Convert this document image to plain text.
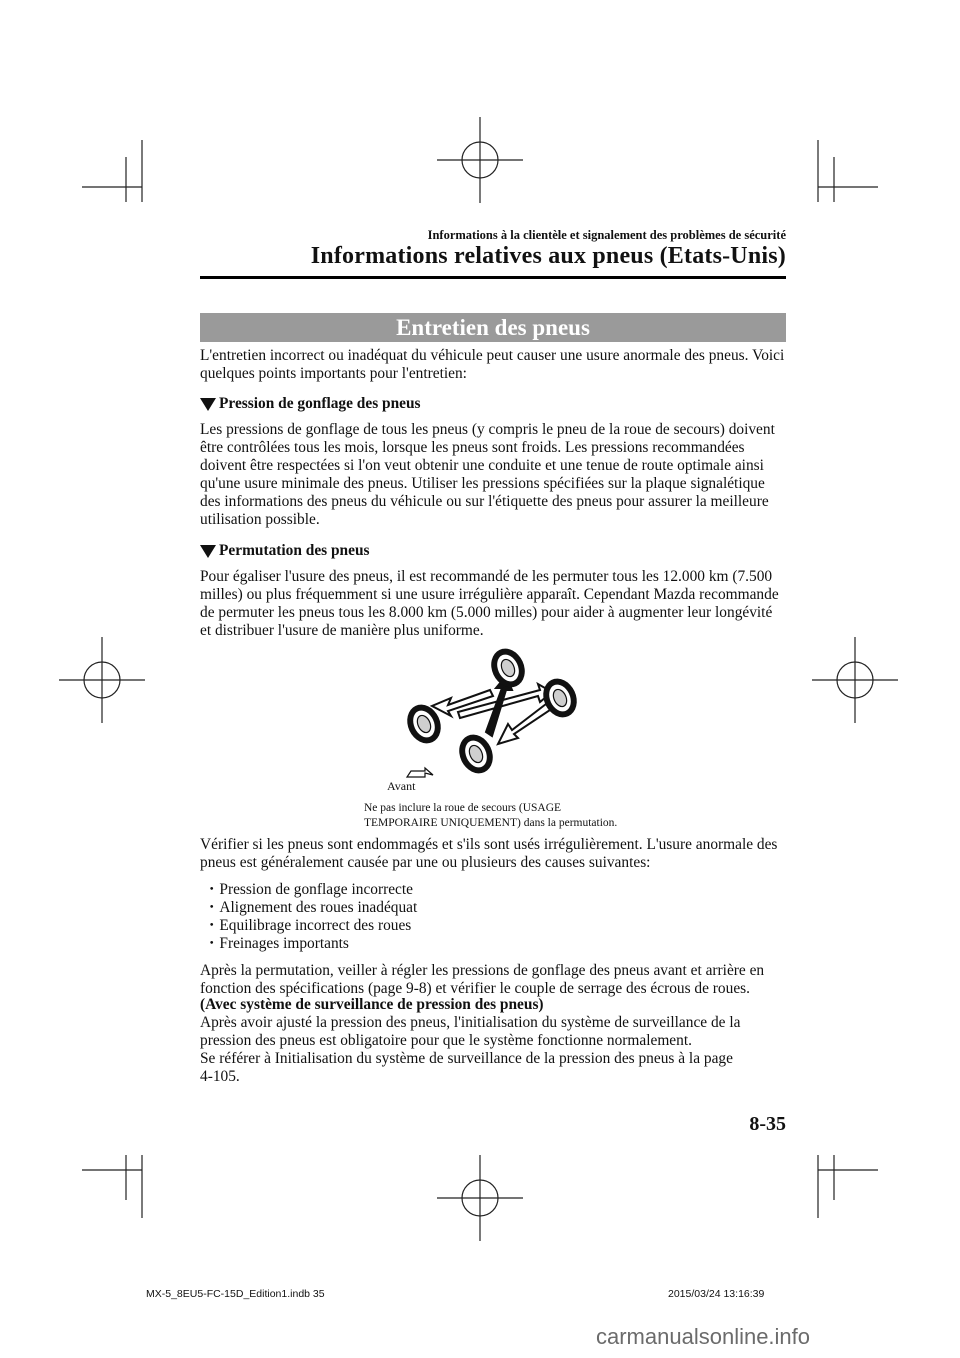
Informations à la clientèle et signalement des problèmes de sécurité
Informations relatives aux pneus (Etats-Unis)
Entretien des pneus

L'entretien incorrect ou inadéquat du véhicule peut causer une usure anormale des pneus. Voici quelques points importants pour l'entretien:

Pression de gonflage des pneus

Les pressions de gonflage de tous les pneus (y compris le pneu de la roue de secours) doivent être contrôlées tous les mois, lorsque les pneus sont froids. Les pressions recommandées doivent être respectées si l'on veut obtenir une conduite et une tenue de route optimale ainsi qu'une usure minimale des pneus. Utiliser les pressions spécifiées sur la plaque signalétique des informations des pneus du véhicule ou sur l'étiquette des pneus pour assurer la meilleure utilisation possible.

Permutation des pneus

Pour égaliser l'usure des pneus, il est recommandé de les permuter tous les 12.000 km (7.500 milles) ou plus fréquemment si une usure irrégulière apparaît. Cependant Mazda recommande de permuter les pneus tous les 8.000 km (5.000 milles) pour aider à augmenter leur longévité et distribuer l'usure de manière plus uniforme.

Avant
Ne pas inclure la roue de secours (USAGE
TEMPORAIRE UNIQUEMENT) dans la permutation.

Vérifier si les pneus sont endommagés et s'ils sont usés irrégulièrement. L'usure anormale des pneus est généralement causée par une ou plusieurs des causes suivantes:

・Pression de gonflage incorrecte
・Alignement des roues inadéquat
・Equilibrage incorrect des roues
・Freinages importants

Après la permutation, veiller à régler les pressions de gonflage des pneus avant et arrière en fonction des spécifications (page 9-8) et vérifier le couple de serrage des écrous de roues.

(Avec système de surveillance de pression des pneus)

Après avoir ajusté la pression des pneus, l'initialisation du système de surveillance de la pression des pneus est obligatoire pour que le système fonctionne normalement.

Se référer à Initialisation du système de surveillance de la pression des pneus à la page
4-105.
8-35
MX-5_8EU5-FC-15D_Edition1.indb 35	2015/03/24 13:16:39
carmanualsonline.info
